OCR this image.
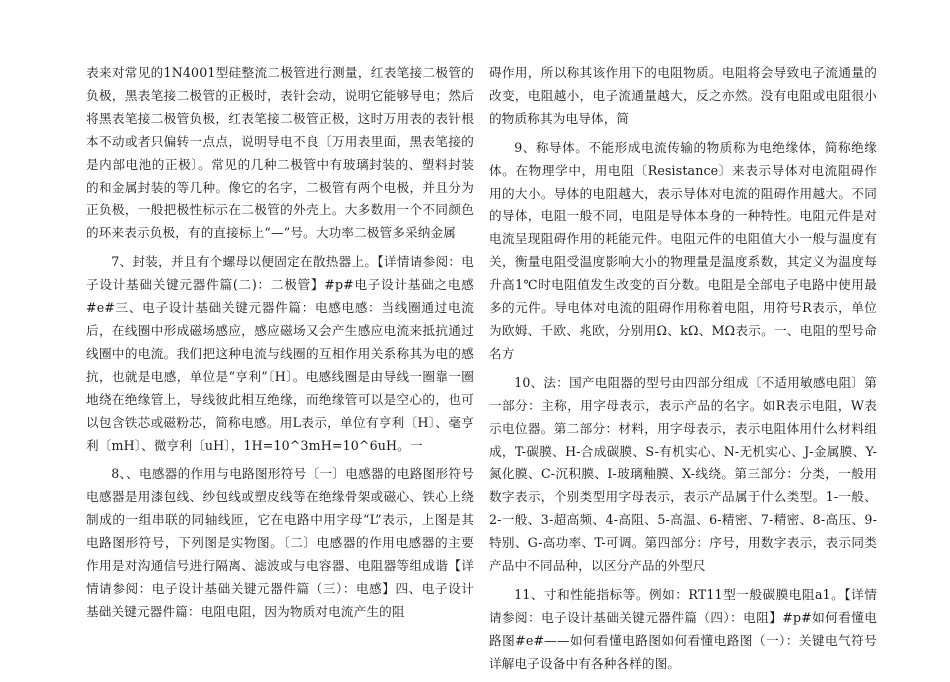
表来对常见的1N4001型硅整流二极管进行测量，红表笔接二极管的负极，黑表笔接二极管的正极时，表针会动，说明它能够导电；然后将黑表笔接二极管负极，红表笔接二极管正极，这时万用表的表针根本不动或者只偏转一点点，说明导电不良〔万用表里面，黑表笔接的是内部电池的正极〕。常见的几种二极管中有玻璃封装的、塑料封装的和金属封装的等几种。像它的名字，二极管有两个电极，并且分为正负极，一般把极性标示在二极管的外壳上。大多数用一个不同颜色的环来表示负极，有的直接标上“—”号。大功率二极管多采纳金属

7、封装，并且有个螺母以便固定在散热器上。【详情请参阅：电子设计基础关键元器件篇(二)：二极管】#p#电子设计基础之电感#e#三、电子设计基础关键元器件篇：电感电感：当线圈通过电流后，在线圈中形成磁场感应，感应磁场又会产生感应电流来抵抗通过线圈中的电流。我们把这种电流与线圈的互相作用关系称其为电的感抗，也就是电感，单位是“亨利”〔H〕。电感线圈是由导线一圈靠一圈地绕在绝缘管上，导线彼此相互绝缘，而绝缘管可以是空心的，也可以包含铁芯或磁粉芯，简称电感。用L表示，单位有亨利〔H〕、毫亨利〔mH〕、微亨利〔uH〕，1H=10^3mH=10^6uH。一

8、、电感器的作用与电路图形符号〔一〕电感器的电路图形符号电感器是用漆包线、纱包线或塑皮线等在绝缘骨架或磁心、铁心上绕制成的一组串联的同轴线匝，它在电路中用字母“L”表示，上图是其电路图形符号，下列图是实物图。〔二〕电感器的作用电感器的主要作用是对沟通信号进行隔离、滤波或与电容器、电阻器等组成谐【详情请参阅：电子设计基础关键元器件篇（三）：电感】四、电子设计基础关键元器件篇：电阻电阻，因为物质对电流产生的阻

碍作用，所以称其该作用下的电阻物质。电阻将会导致电子流通量的改变，电阻越小，电子流通量越大，反之亦然。没有电阻或电阻很小的物质称其为电导体，简

9、称导体。不能形成电流传输的物质称为电绝缘体，简称绝缘体。在物理学中，用电阻〔Resistance〕来表示导体对电流阻碍作用的大小。导体的电阻越大，表示导体对电流的阻碍作用越大。不同的导体，电阻一般不同，电阻是导体本身的一种特性。电阻元件是对电流呈现阻碍作用的耗能元件。电阻元件的电阻值大小一般与温度有关，衡量电阻受温度影响大小的物理量是温度系数，其定义为温度每升高1℃时电阻值发生改变的百分数。电阻是全部电子电路中使用最多的元件。导电体对电流的阻碍作用称着电阻，用符号R表示，单位为欧姆、千欧、兆欧，分别用Ω、kΩ、MΩ表示。一、电阻的型号命名方

10、法：国产电阻器的型号由四部分组成〔不适用敏感电阻〕第一部分：主称，用字母表示，表示产品的名字。如R表示电阻，W表示电位器。第二部分：材料，用字母表示，表示电阻体用什么材料组成，T-碳膜、H-合成碳膜、S-有机实心、N-无机实心、J-金属膜、Y-氮化膜、C-沉积膜、I-玻璃釉膜、X-线绕。第三部分：分类，一般用数字表示，个别类型用字母表示，表示产品属于什么类型。1-一般、2-一般、3-超高频、4-高阻、5-高温、6-精密、7-精密、8-高压、9-特别、G-高功率、T-可调。第四部分：序号，用数字表示，表示同类产品中不同品种，以区分产品的外型尺

11、寸和性能指标等。例如：RT11型一般碳膜电阻a1。【详情请参阅：电子设计基础关键元器件篇（四）：电阻】#p#如何看懂电路图#e#——如何看懂电路图如何看懂电路图（一）：关键电气符号详解电子设备中有各种各样的图。
